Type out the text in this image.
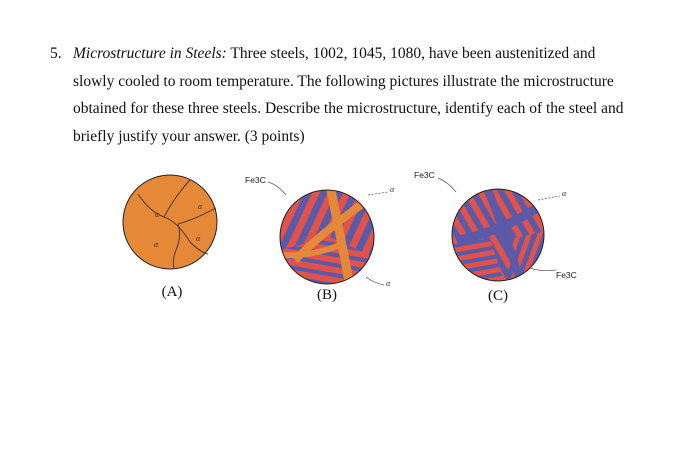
5. Microstructure in Steels: Three steels, 1002, 1045, 1080, have been austenitized and
slowly cooled to room temperature. The following pictures illustrate the microstructure
obtained for these three steels. Describe the microstructure, identify each of the steel and
briefly justify your answer. (3 points)
α
α
α
α
(A)
Fe3C
α
α
(B)
Fe3C
α
Fe3C
(C)
